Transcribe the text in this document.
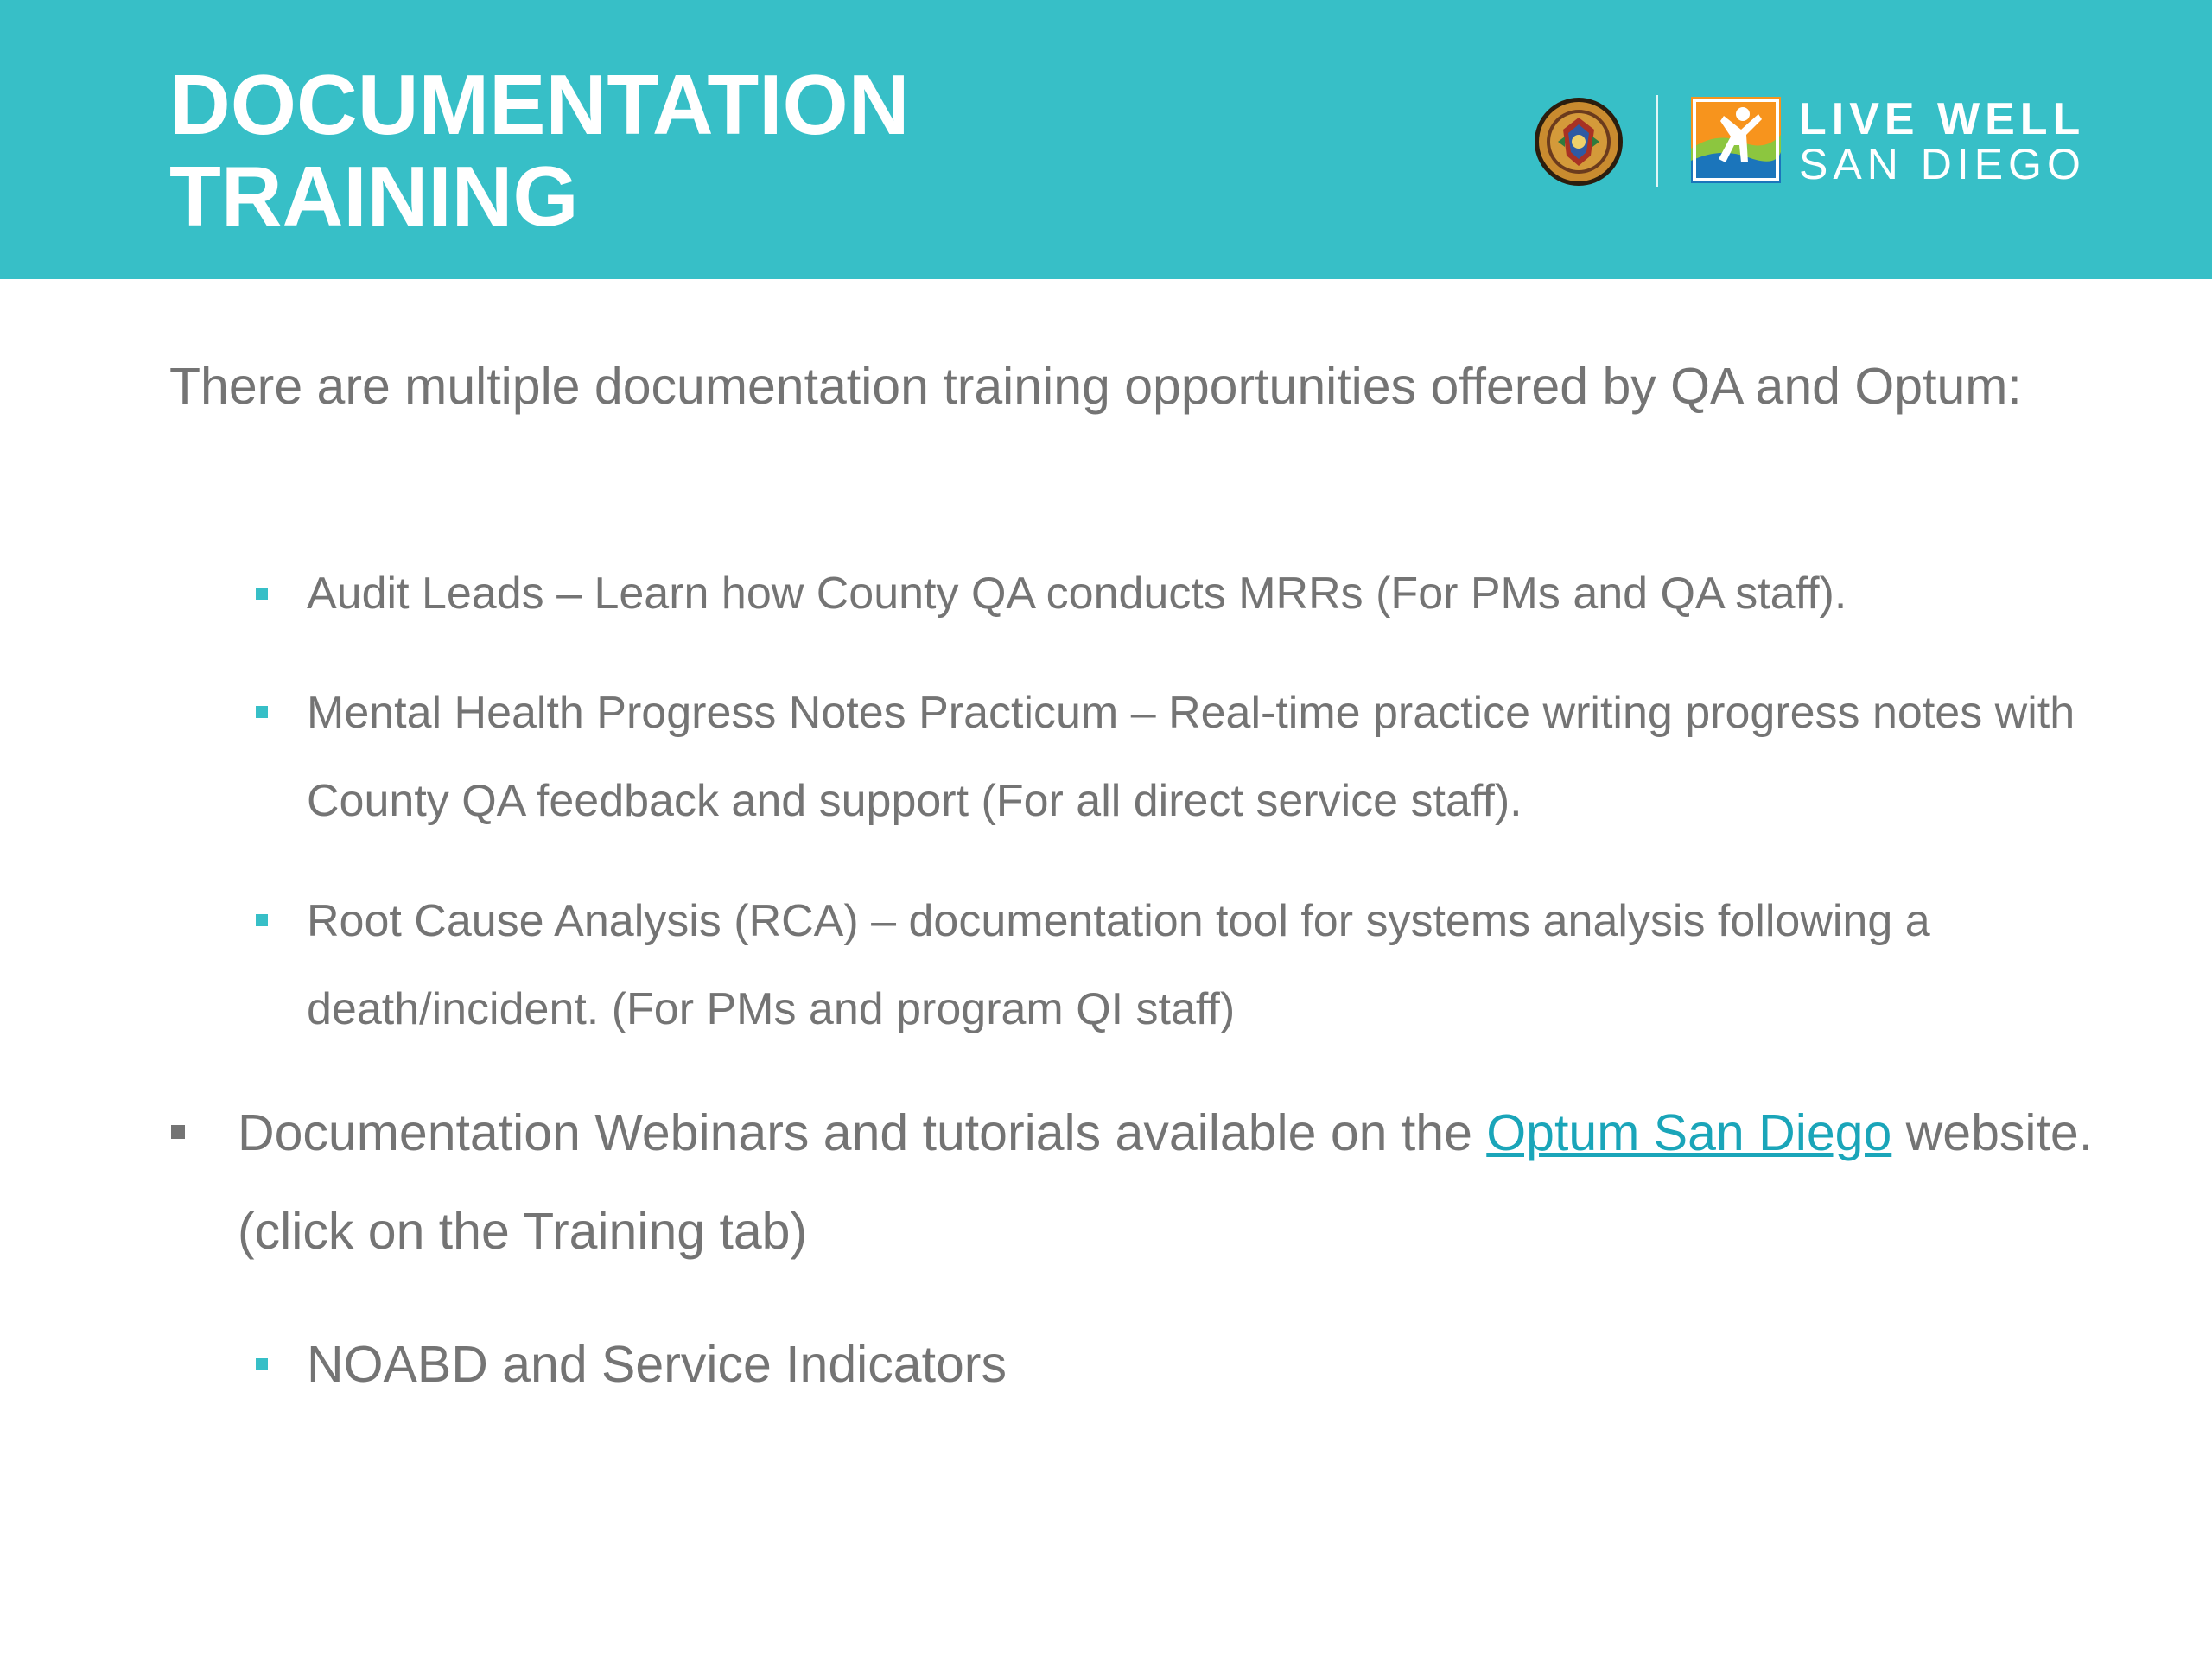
DOCUMENTATION
TRAINING
LIVE WELL
SAN DIEGO

There are multiple documentation training opportunities offered by QA and Optum:

Audit Leads – Learn how County QA conducts MRRs (For PMs and QA staff).
Mental Health Progress Notes Practicum – Real-time practice writing progress notes with County QA feedback and support (For all direct service staff).
Root Cause Analysis (RCA) – documentation tool for systems analysis following a death/incident. (For PMs and program QI staff)
Documentation Webinars and tutorials available on the Optum San Diego website. (click on the Training tab)
NOABD and Service Indicators
